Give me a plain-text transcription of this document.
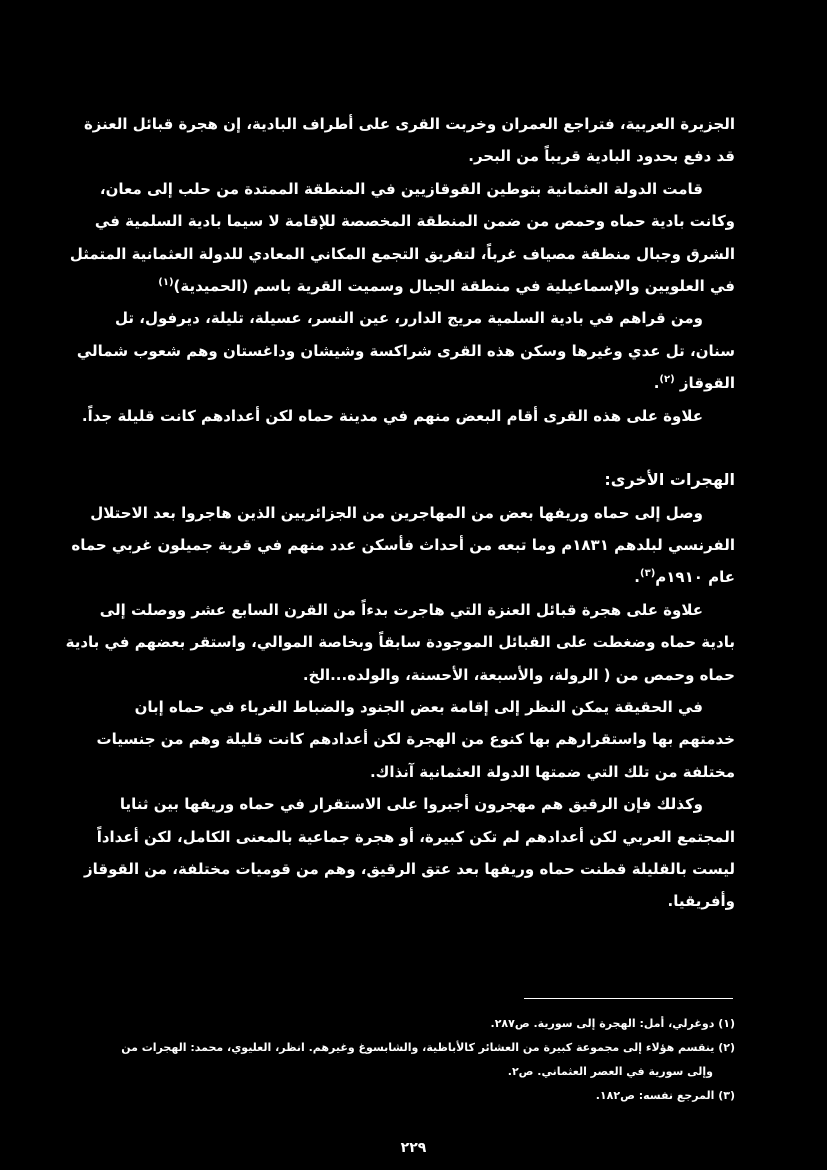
الجزيرة العربية، فتراجع العمران وخربت القرى على أطراف البادية، إن هجرة قبائل العنزة
قد دفع بحدود البادية قريباً من البحر.
قامت الدولة العثمانية بتوطين القوقازيين في المنطقة الممتدة من حلب إلى معان،
وكانت بادية حماه وحمص من ضمن المنطقة المخصصة للإقامة لا سيما بادية السلمية في
الشرق وجبال منطقة مصياف غرباً، لتفريق التجمع المكاني المعادي للدولة العثمانية المتمثل
في العلويين والإسماعيلية في منطقة الجبال وسميت القرية باسم (الحميدية)$^{(١)}$
ومن قراهم في بادية السلمية مريج الدارر، عين النسر، عسيلة، تليلة، ديرفول، تل
سنان، تل عدي وغيرها وسكن هذه القرى شراكسة وشيشان وداغستان وهم شعوب شمالي
القوقاز $^{(٢)}$.
علاوة على هذه القرى أقام البعض منهم في مدينة حماه لكن أعدادهم كانت قليلة جداً.
الهجرات الأخرى:
وصل إلى حماه وريفها بعض من المهاجرين من الجزائريين الذين هاجروا بعد الاحتلال
الفرنسي لبلدهم ١٨٣١م وما تبعه من أحداث فأسكن عدد منهم في قرية جميلون غربي حماه
عام ١٩١٠م$^{(٣)}$.
علاوة على هجرة قبائل العنزة التي هاجرت بدءاً من القرن السابع عشر ووصلت إلى
بادية حماه وضغطت على القبائل الموجودة سابقاً وبخاصة الموالي، واستقر بعضهم في بادية
حماه وحمص من ( الرولة، والأسبعة، الأحسنة، والولده...الخ.
في الحقيقة يمكن النظر إلى إقامة بعض الجنود والضباط الغرباء في حماه إبان
خدمتهم بها واستقرارهم بها كنوع من الهجرة لكن أعدادهم كانت قليلة وهم من جنسيات
مختلفة من تلك التي ضمتها الدولة العثمانية آنذاك.
وكذلك فإن الرقيق هم مهجرون أجبروا على الاستقرار في حماه وريفها بين ثنايا
المجتمع العربي لكن أعدادهم لم تكن كبيرة، أو هجرة جماعية بالمعنى الكامل، لكن أعداداً
ليست بالقليلة قطنت حماه وريفها بعد عتق الرقيق، وهم من قوميات مختلفة، من القوقاز
وأفريقيا.
(١) دوغرلي، أمل: الهجرة إلى سورية. ص٢٨٧.
(٢) ينقسم هؤلاء إلى مجموعة كبيرة من العشائر كالأباظية، والشابسوغ وغيرهم. انظر، العليوي، محمد: الهجرات من
وإلى سورية في العصر العثماني. ص٢.
(٣) المرجع نفسه: ص١٨٢.
٢٢٩
